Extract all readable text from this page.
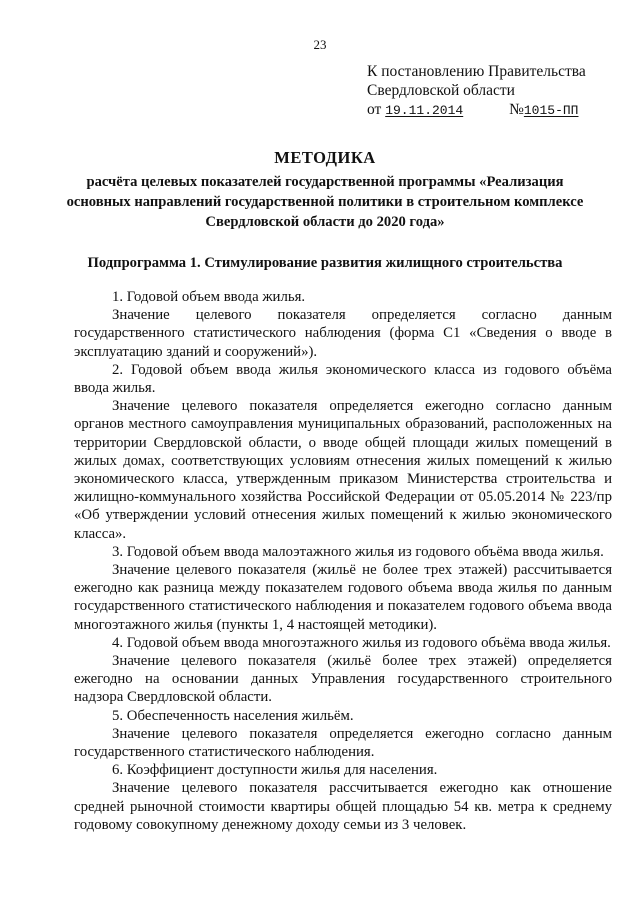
23
К постановлению Правительства
Свердловской области
от 19.11.2014	№1015-ПП
МЕТОДИКА
расчёта целевых показателей государственной программы «Реализация основных направлений государственной политики в строительном комплексе Свердловской области до 2020 года»
Подпрограмма 1. Стимулирование развития жилищного строительства

1. Годовой объем ввода жилья.

Значение целевого показателя определяется согласно данным государственного статистического наблюдения (форма С1 «Сведения о вводе в эксплуатацию зданий и сооружений»).

2. Годовой объем ввода жилья экономического класса из годового объёма ввода жилья.

Значение целевого показателя определяется ежегодно согласно данным органов местного самоуправления муниципальных образований, расположенных на территории Свердловской области, о вводе общей площади жилых помещений в жилых домах, соответствующих условиям отнесения жилых помещений к жилью экономического класса, утвержденным приказом Министерства строительства и жилищно-коммунального хозяйства Российской Федерации от 05.05.2014 № 223/пр «Об утверждении условий отнесения жилых помещений к жилью экономического класса».

3. Годовой объем ввода малоэтажного жилья из годового объёма ввода жилья.

Значение целевого показателя (жильё не более трех этажей) рассчитывается ежегодно как разница между показателем годового объема ввода жилья по данным государственного статистического наблюдения и показателем годового объема ввода многоэтажного жилья (пункты 1, 4 настоящей методики).

4. Годовой объем ввода многоэтажного жилья из годового объёма ввода жилья.

Значение целевого показателя (жильё более трех этажей) определяется ежегодно на основании данных Управления государственного строительного надзора Свердловской области.

5. Обеспеченность населения жильём.

Значение целевого показателя определяется ежегодно согласно данным государственного статистического наблюдения.

6. Коэффициент доступности жилья для населения.

Значение целевого показателя рассчитывается ежегодно как отношение средней рыночной стоимости квартиры общей площадью 54 кв. метра к среднему годовому совокупному денежному доходу семьи из 3 человек.
